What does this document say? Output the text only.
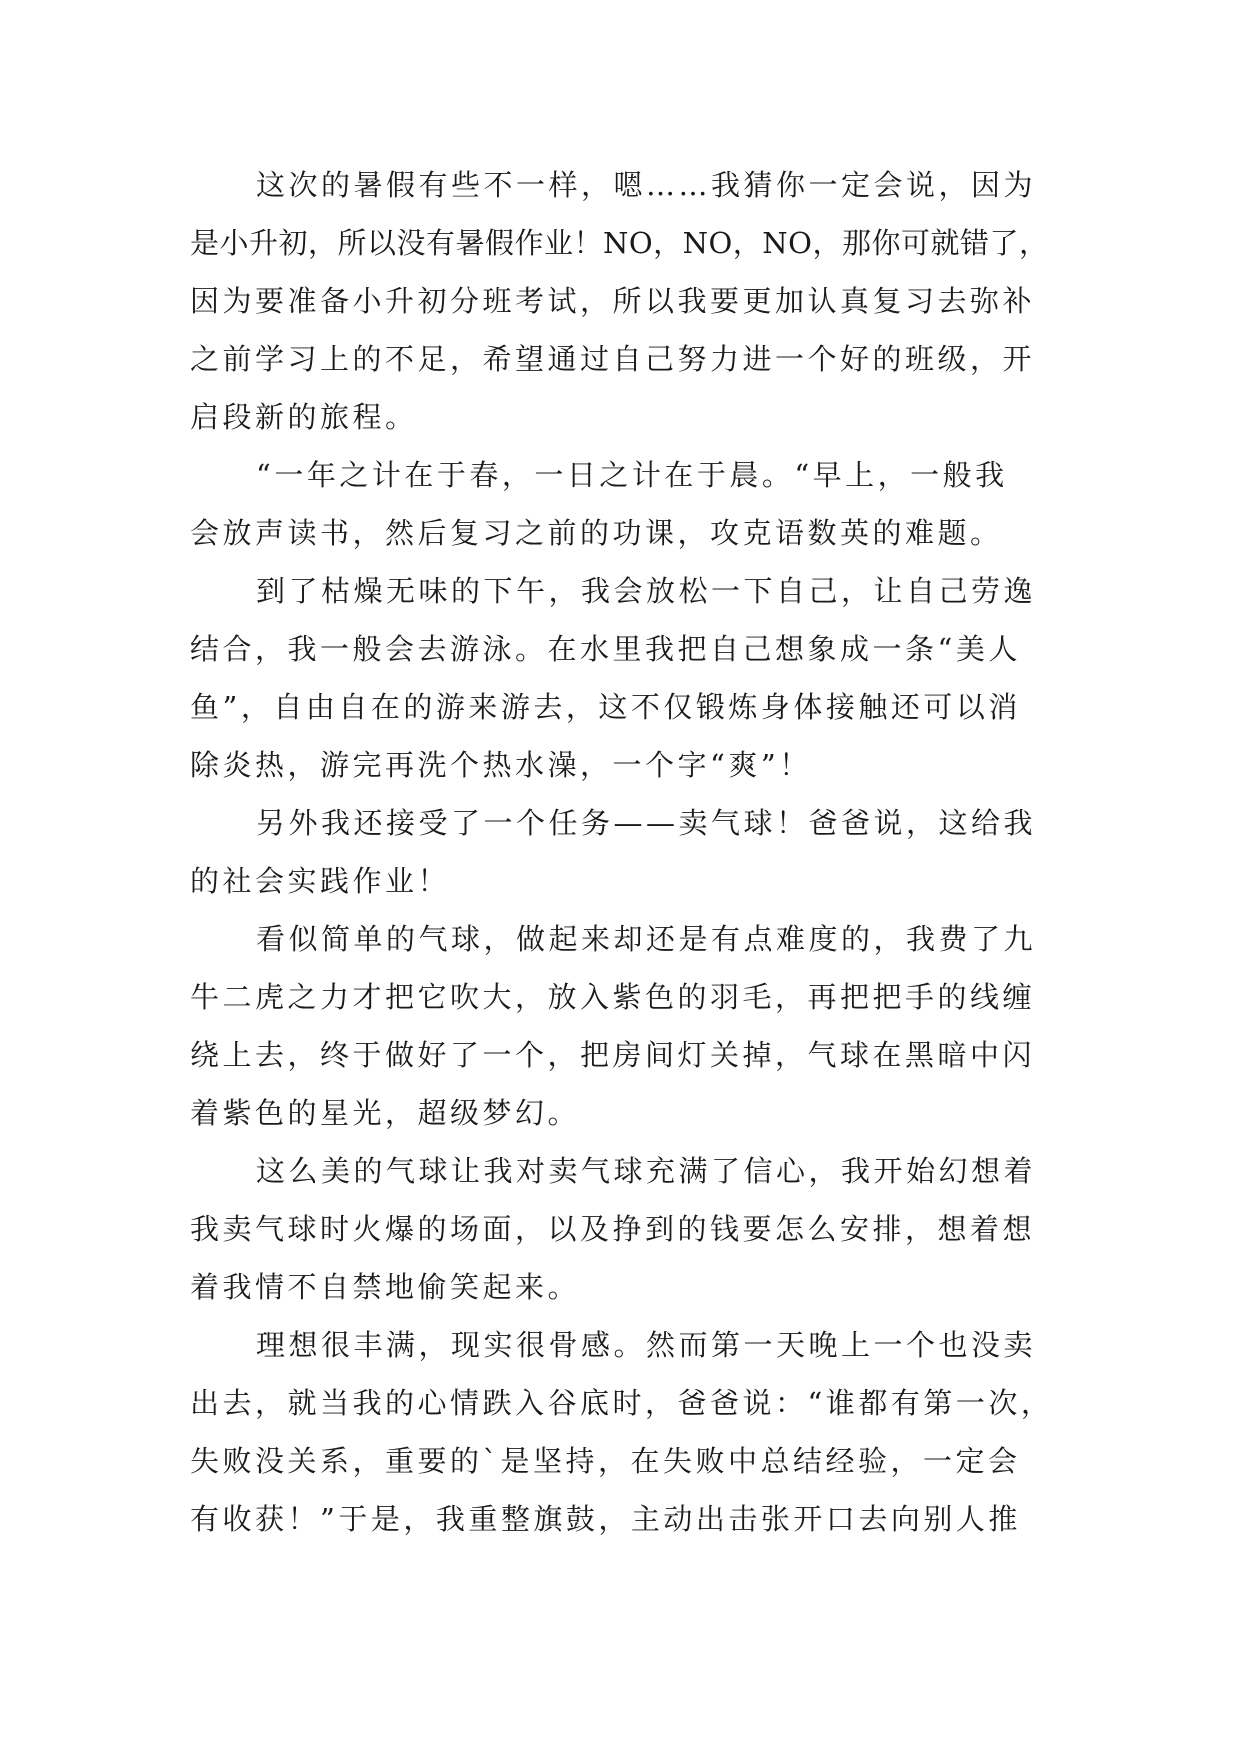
这次的暑假有些不一样，嗯……我猜你一定会说，因为
是小升初，所以没有暑假作业！NO，NO，NO，那你可就错了，
因为要准备小升初分班考试，所以我要更加认真复习去弥补
之前学习上的不足，希望通过自己努力进一个好的班级，开
启段新的旅程。
“一年之计在于春，一日之计在于晨。“早上，一般我
会放声读书，然后复习之前的功课，攻克语数英的难题。
到了枯燥无味的下午，我会放松一下自己，让自己劳逸
结合，我一般会去游泳。在水里我把自己想象成一条“美人
鱼”，自由自在的游来游去，这不仅锻炼身体接触还可以消
除炎热，游完再洗个热水澡，一个字“爽”！
另外我还接受了一个任务——卖气球！爸爸说，这给我
的社会实践作业！
看似简单的气球，做起来却还是有点难度的，我费了九
牛二虎之力才把它吹大，放入紫色的羽毛，再把把手的线缠
绕上去，终于做好了一个，把房间灯关掉，气球在黑暗中闪
着紫色的星光，超级梦幻。
这么美的气球让我对卖气球充满了信心，我开始幻想着
我卖气球时火爆的场面，以及挣到的钱要怎么安排，想着想
着我情不自禁地偷笑起来。
理想很丰满，现实很骨感。然而第一天晚上一个也没卖
出去，就当我的心情跌入谷底时，爸爸说：“谁都有第一次，
失败没关系，重要的`是坚持，在失败中总结经验，一定会
有收获！”于是，我重整旗鼓，主动出击张开口去向别人推
